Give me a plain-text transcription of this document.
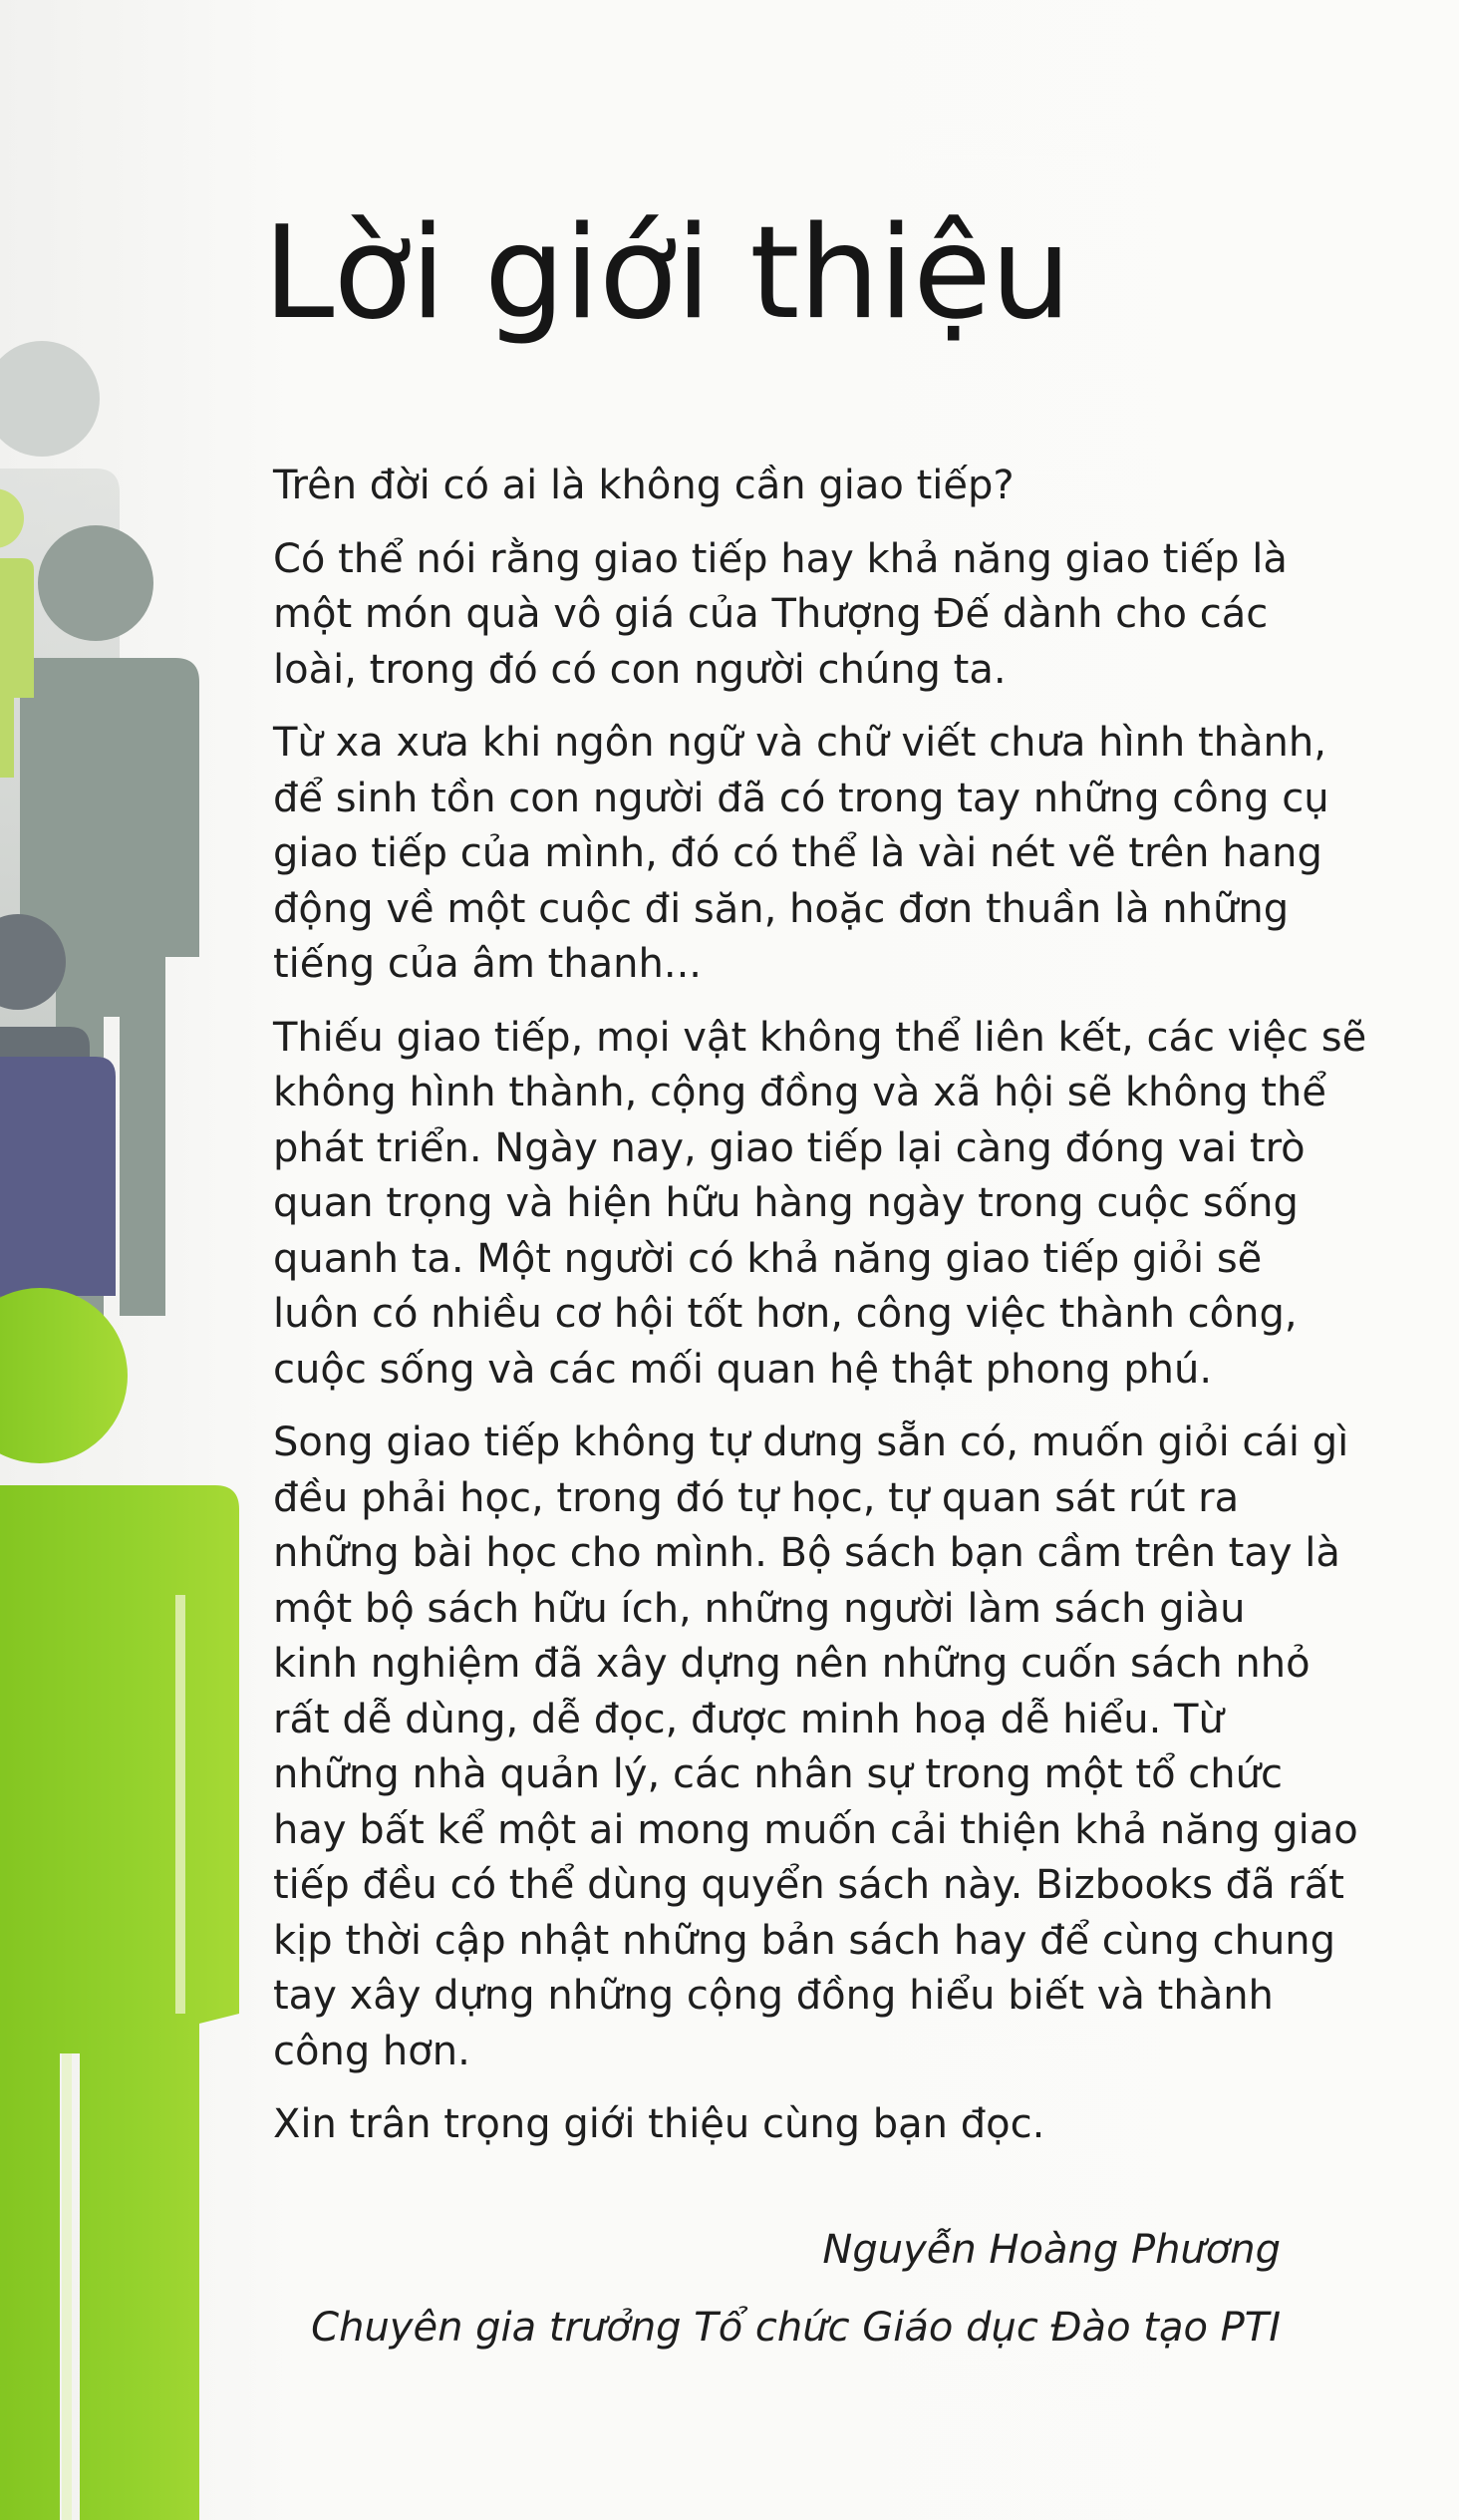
Lời giới thiệu

Trên đời có ai là không cần giao tiếp?

Có thể nói rằng giao tiếp hay khả năng giao tiếp là
một món quà vô giá của Thượng Đế dành cho các
loài, trong đó có con người chúng ta.

Từ xa xưa khi ngôn ngữ và chữ viết chưa hình thành,
để sinh tồn con người đã có trong tay những công cụ
giao tiếp của mình, đó có thể là vài nét vẽ trên hang
động về một cuộc đi săn, hoặc đơn thuần là những
tiếng của âm thanh...

Thiếu giao tiếp, mọi vật không thể liên kết, các việc sẽ
không hình thành, cộng đồng và xã hội sẽ không thể
phát triển. Ngày nay, giao tiếp lại càng đóng vai trò
quan trọng và hiện hữu hàng ngày trong cuộc sống
quanh ta. Một người có khả năng giao tiếp giỏi sẽ
luôn có nhiều cơ hội tốt hơn, công việc thành công,
cuộc sống và các mối quan hệ thật phong phú.

Song giao tiếp không tự dưng sẵn có, muốn giỏi cái gì
đều phải học, trong đó tự học, tự quan sát rút ra
những bài học cho mình. Bộ sách bạn cầm trên tay là
một bộ sách hữu ích, những người làm sách giàu
kinh nghiệm đã xây dựng nên những cuốn sách nhỏ
rất dễ dùng, dễ đọc, được minh hoạ dễ hiểu. Từ
những nhà quản lý, các nhân sự trong một tổ chức
hay bất kể một ai mong muốn cải thiện khả năng giao
tiếp đều có thể dùng quyển sách này. Bizbooks đã rất
kịp thời cập nhật những bản sách hay để cùng chung
tay xây dựng những cộng đồng hiểu biết và thành
công hơn.

Xin trân trọng giới thiệu cùng bạn đọc.

Nguyễn Hoàng Phương
Chuyên gia trưởng Tổ chức Giáo dục Đào tạo PTI
